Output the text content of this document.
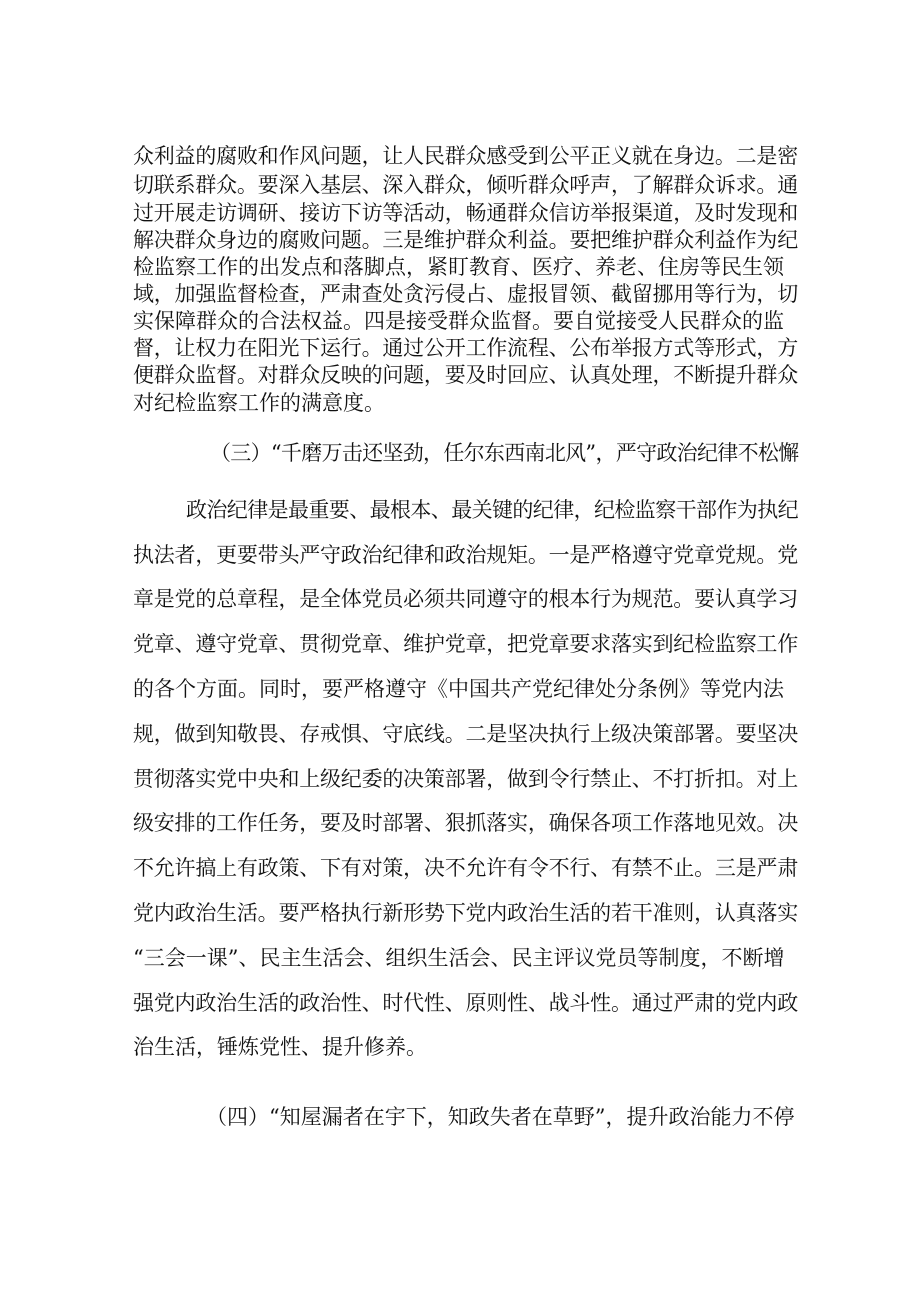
众利益的腐败和作风问题，让人民群众感受到公平正义就在身边。二是密

切联系群众。要深入基层、深入群众，倾听群众呼声，了解群众诉求。通

过开展走访调研、接访下访等活动，畅通群众信访举报渠道，及时发现和

解决群众身边的腐败问题。三是维护群众利益。要把维护群众利益作为纪

检监察工作的出发点和落脚点，紧盯教育、医疗、养老、住房等民生领

域，加强监督检查，严肃查处贪污侵占、虚报冒领、截留挪用等行为，切

实保障群众的合法权益。四是接受群众监督。要自觉接受人民群众的监

督，让权力在阳光下运行。通过公开工作流程、公布举报方式等形式，方

便群众监督。对群众反映的问题，要及时回应、认真处理，不断提升群众

对纪检监察工作的满意度。

（三）“千磨万击还坚劲，任尔东西南北风”，严守政治纪律不松懈

政治纪律是最重要、最根本、最关键的纪律，纪检监察干部作为执纪

执法者，更要带头严守政治纪律和政治规矩。一是严格遵守党章党规。党

章是党的总章程，是全体党员必须共同遵守的根本行为规范。要认真学习

党章、遵守党章、贯彻党章、维护党章，把党章要求落实到纪检监察工作

的各个方面。同时，要严格遵守《中国共产党纪律处分条例》等党内法

规，做到知敬畏、存戒惧、守底线。二是坚决执行上级决策部署。要坚决

贯彻落实党中央和上级纪委的决策部署，做到令行禁止、不打折扣。对上

级安排的工作任务，要及时部署、狠抓落实，确保各项工作落地见效。决

不允许搞上有政策、下有对策，决不允许有令不行、有禁不止。三是严肃

党内政治生活。要严格执行新形势下党内政治生活的若干准则，认真落实

“三会一课”、民主生活会、组织生活会、民主评议党员等制度，不断增

强党内政治生活的政治性、时代性、原则性、战斗性。通过严肃的党内政

治生活，锤炼党性、提升修养。

（四）“知屋漏者在宇下，知政失者在草野”，提升政治能力不停
